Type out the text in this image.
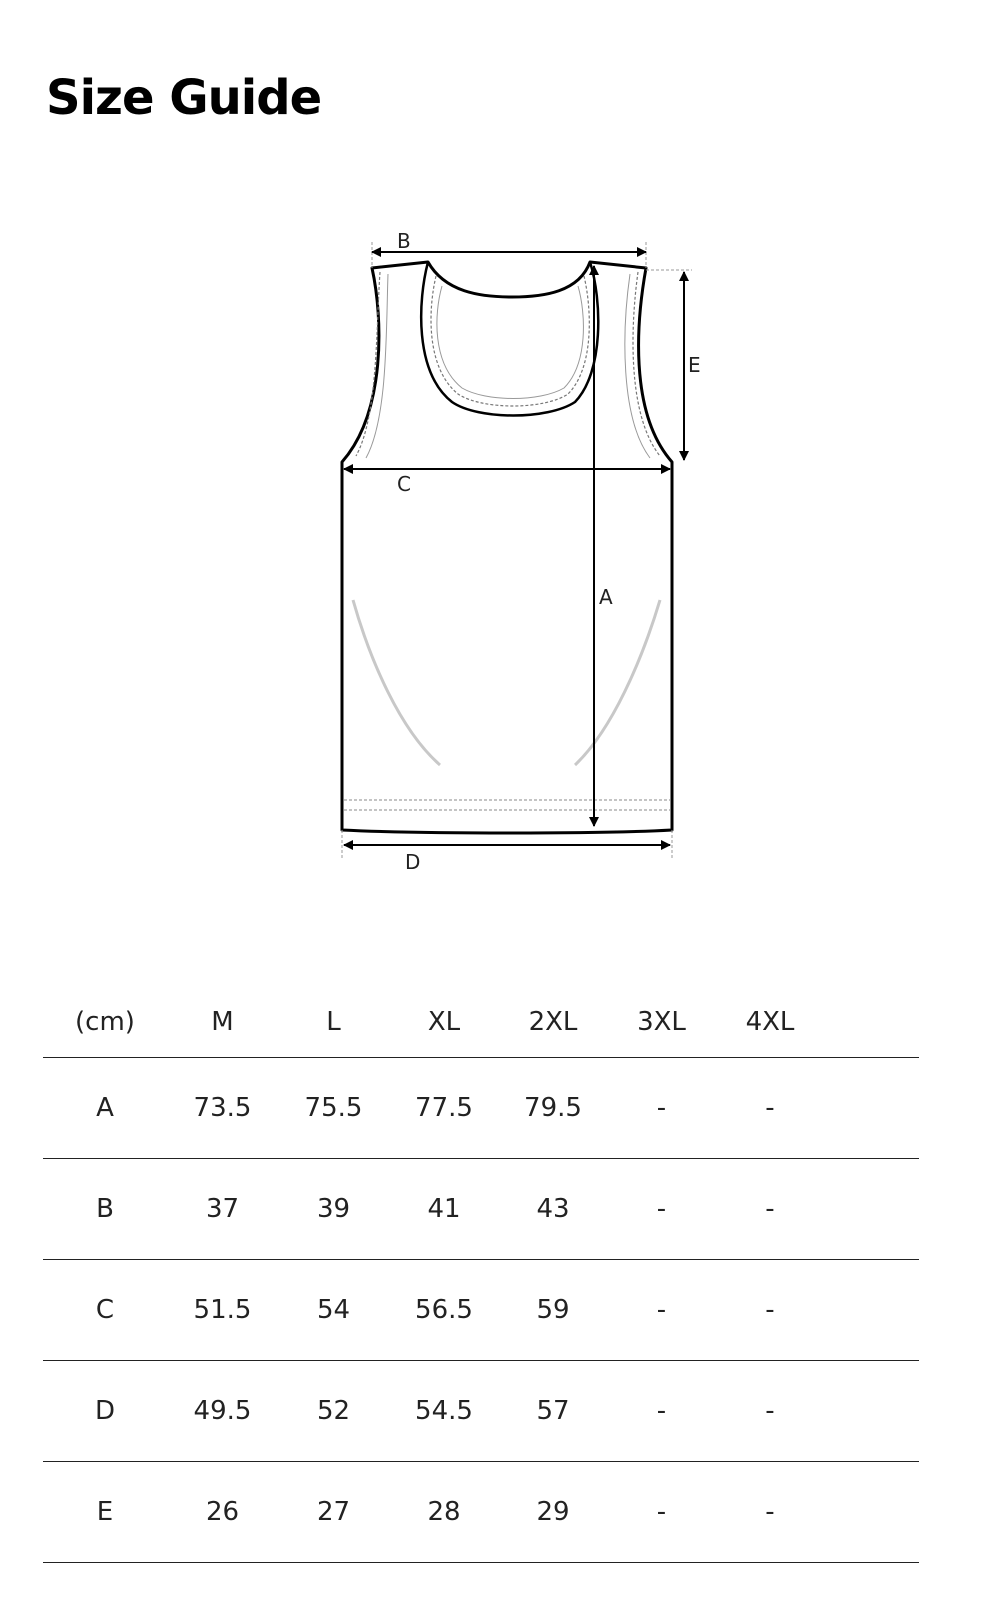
Size Guide
B
C
A
D
E
(cm)	M	L	XL	2XL	3XL	4XL	
A	73.5	75.5	77.5	79.5	-	-	
B	37	39	41	43	-	-	
C	51.5	54	56.5	59	-	-	
D	49.5	52	54.5	57	-	-	
E	26	27	28	29	-	-	
